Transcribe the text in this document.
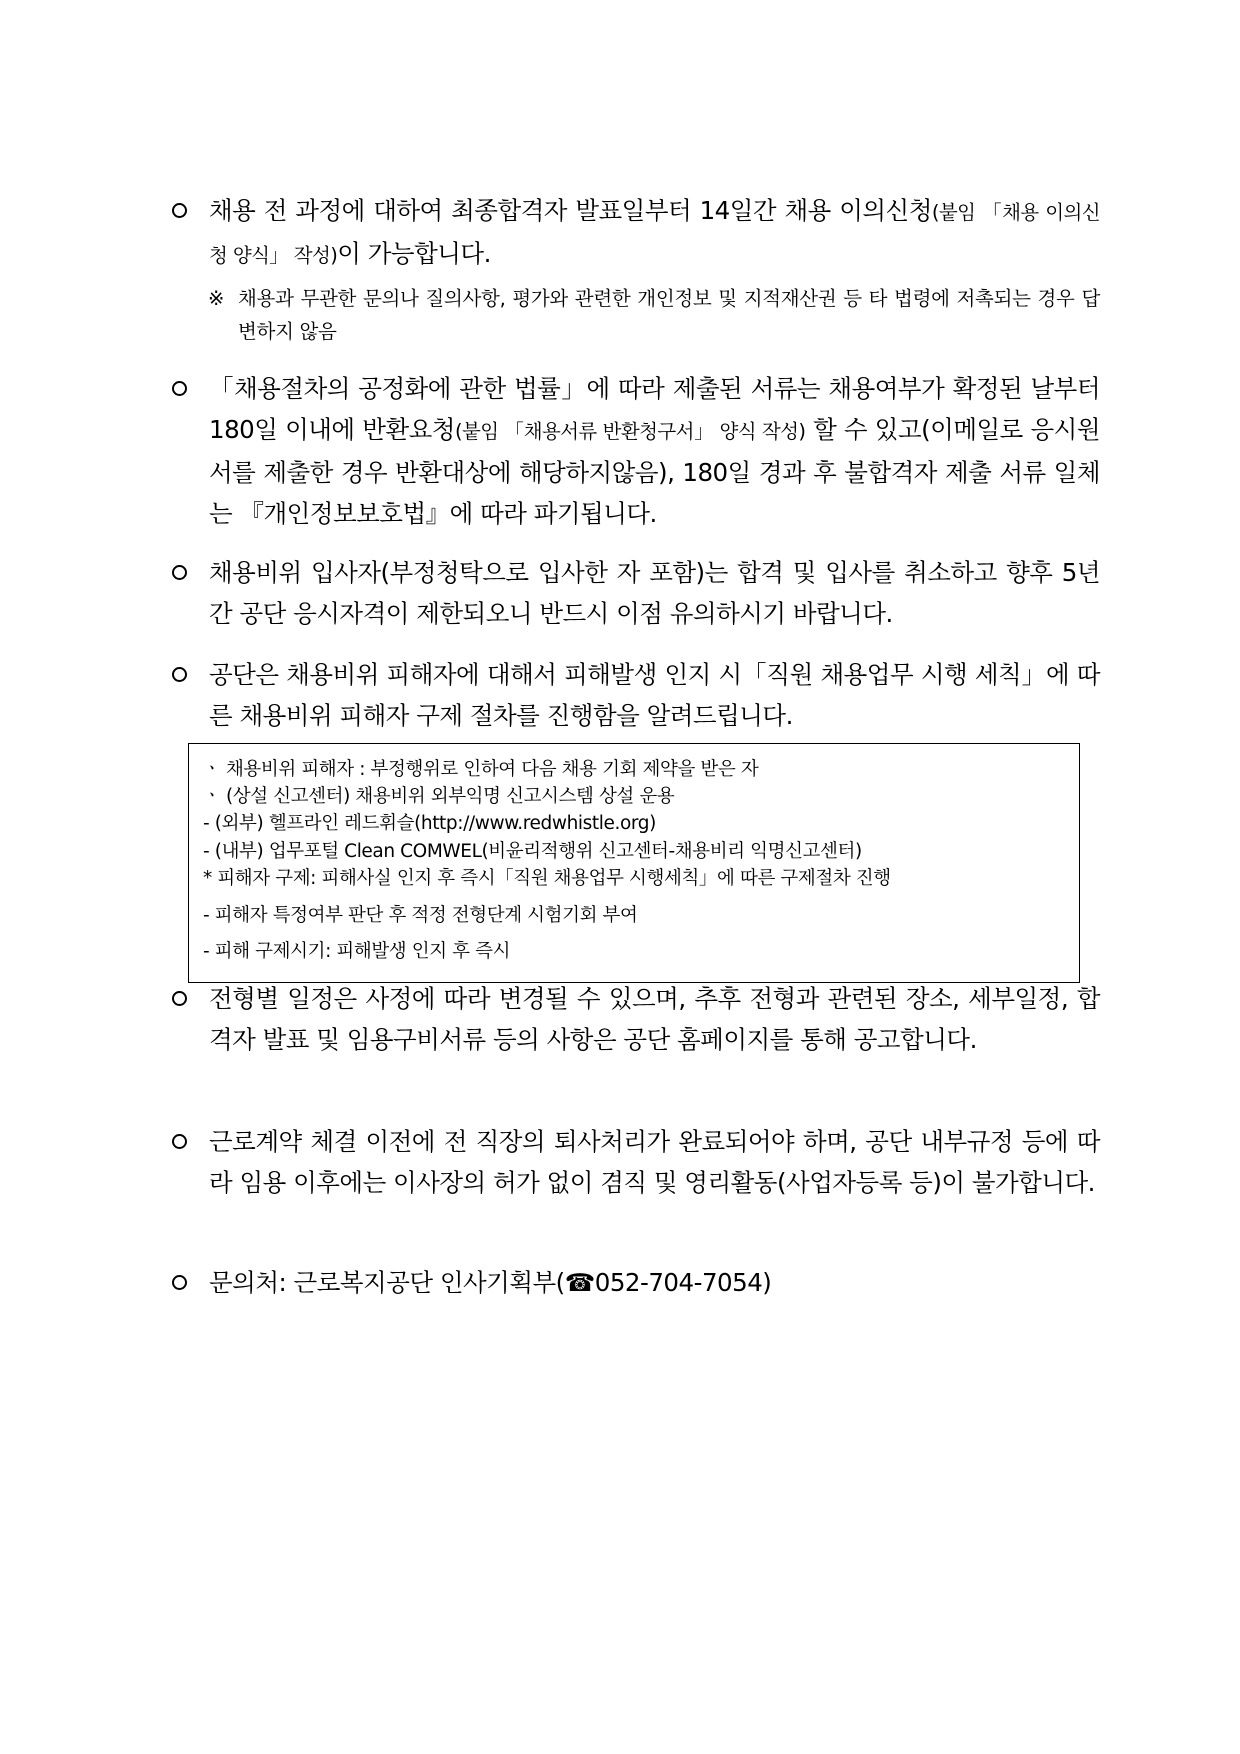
채용 전 과정에 대하여 최종합격자 발표일부터 14일간 채용 이의신청(붙임 「채용 이의신청 양식」 작성)이 가능합니다.
※ 채용과 무관한 문의나 질의사항, 평가와 관련한 개인정보 및 지적재산권 등 타 법령에 저촉되는 경우 답변하지 않음
「채용절차의 공정화에 관한 법률」에 따라 제출된 서류는 채용여부가 확정된 날부터 180일 이내에 반환요청(붙임 「채용서류 반환청구서」 양식 작성) 할 수 있고(이메일로 응시원서를 제출한 경우 반환대상에 해당하지않음), 180일 경과 후 불합격자 제출 서류 일체는 『개인정보보호법』에 따라 파기됩니다.
채용비위 입사자(부정청탁으로 입사한 자 포함)는 합격 및 입사를 취소하고 향후 5년간 공단 응시자격이 제한되오니 반드시 이점 유의하시기 바랍니다.
공단은 채용비위 피해자에 대해서 피해발생 인지 시「직원 채용업무 시행 세칙」에 따른 채용비위 피해자 구제 절차를 진행함을 알려드립니다.
ㆍ 채용비위 피해자 : 부정행위로 인하여 다음 채용 기회 제약을 받은 자
ㆍ (상설 신고센터) 채용비위 외부익명 신고시스템 상설 운용
- (외부) 헬프라인 레드휘슬(http://www.redwhistle.org)
- (내부) 업무포털 Clean COMWEL(비윤리적행위 신고센터-채용비리 익명신고센터)
* 피해자 구제: 피해사실 인지 후 즉시「직원 채용업무 시행세칙」에 따른 구제절차 진행
- 피해자 특정여부 판단 후 적정 전형단계 시험기회 부여
- 피해 구제시기: 피해발생 인지 후 즉시
전형별 일정은 사정에 따라 변경될 수 있으며, 추후 전형과 관련된 장소, 세부일정, 합격자 발표 및 임용구비서류 등의 사항은 공단 홈페이지를 통해 공고합니다.
근로계약 체결 이전에 전 직장의 퇴사처리가 완료되어야 하며, 공단 내부규정 등에 따라 임용 이후에는 이사장의 허가 없이 겸직 및 영리활동(사업자등록 등)이 불가합니다.
문의처: 근로복지공단 인사기획부(☎052-704-7054)
